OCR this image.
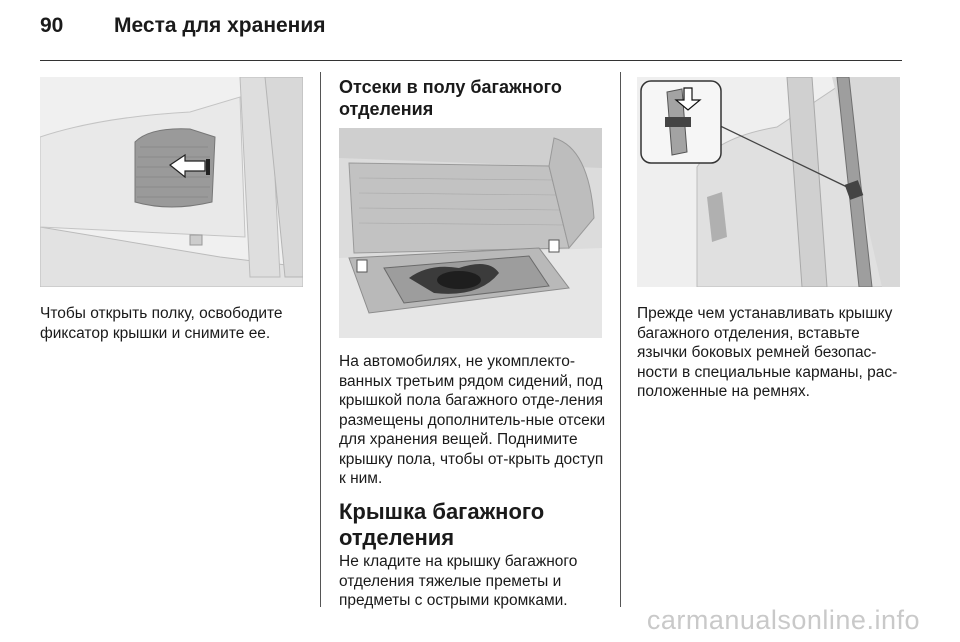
90 Места для хранения

Чтобы открыть полку, освободите фиксатор крышки и снимите ее.

Отсеки в полу багажного отделения

На автомобилях, не укомплекто-ванных третьим рядом сидений, под крышкой пола багажного отде-ления размещены дополнитель-ные отсеки для хранения вещей. Поднимите крышку пола, чтобы от-крыть доступ к ним.

Крышка багажного отделения

Не кладите на крышку багажного отделения тяжелые преметы и предметы с острыми кромками.

Прежде чем устанавливать крышку багажного отделения, вставьте язычки боковых ремней безопас-ности в специальные карманы, рас-положенные на ремнях.

carmanualsonline.info
